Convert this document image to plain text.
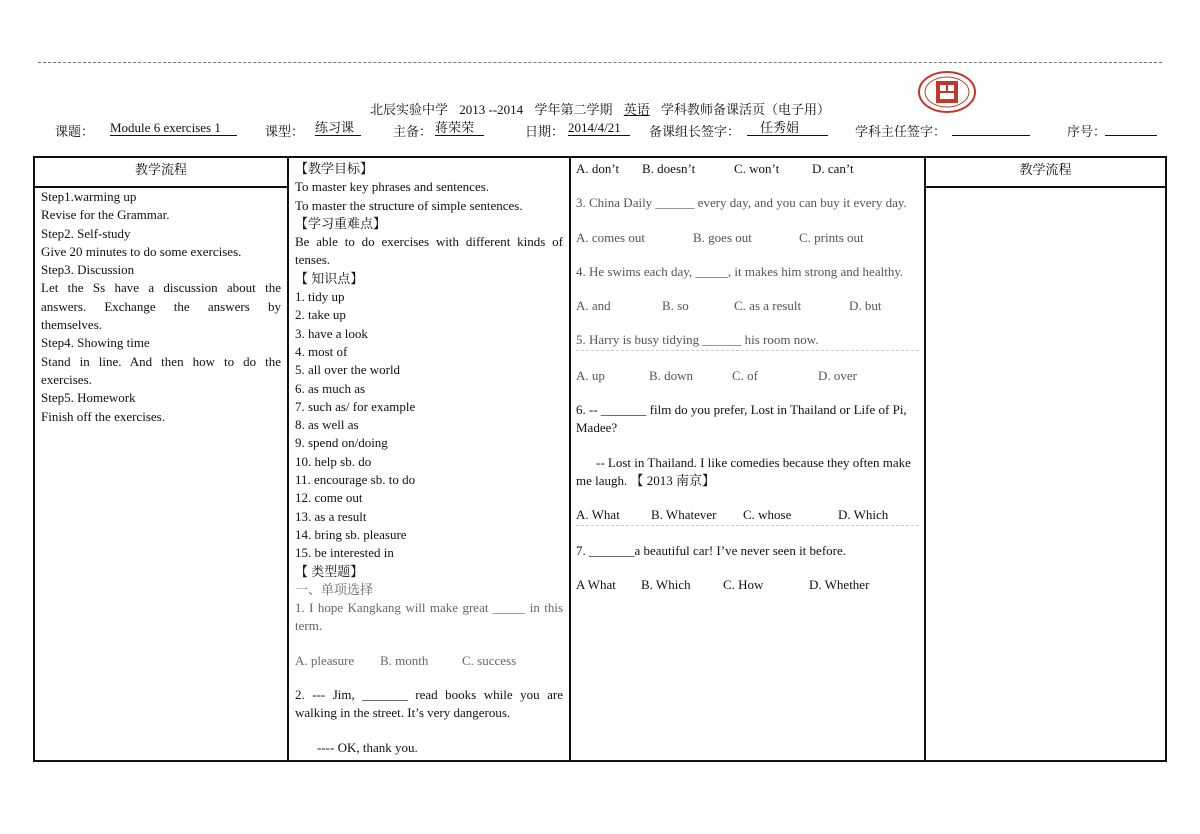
北辰实验中学 2013 --2014 学年第二学期 英语 学科教师备课活页（电子用）
课题： Module 6 exercises 1	课型： 练习课	主备： 蒋荣荣	日期： 2014/4/21	备课组长签字：	任秀娟	学科主任签字：	序号：
教学流程

Step1.warming up

Revise for the Grammar.

Step2. Self-study

Give 20 minutes to do some exercises.

Step3. Discussion

Let the Ss have a discussion about the answers. Exchange the answers by themselves.

Step4. Showing time

Stand in line. And then how to do the exercises.

Step5. Homework

Finish off the exercises.

【教学目标】

To master key phrases and sentences.

To master the structure of simple sentences.

【学习重难点】

Be able to do exercises with different kinds of tenses.

【 知识点】

1. tidy up

2. take up

3. have a look

4. most of

5. all over the world

6. as much as

7. such as/ for example

8. as well as

9. spend on/doing

10. help sb. do

11. encourage sb. to do

12. come out

13. as a result

14. bring sb. pleasure

15. be interested in

【 类型题】

一、单项选择

1. I hope Kangkang will make great _____ in this term.

A. pleasure B. month	C. success

2. --- Jim, _______ read books while you are walking in the street. It’s very dangerous.

---- OK, thank you.

A. don’t B. doesn’t	C. won’t	D. can’t

3. China Daily ______ every day, and you can buy it every day.

A. comes out	B. goes out	C. prints out

4. He swims each day, _____, it makes him strong and healthy.

A. and	B. so	C. as a result	D. but

5. Harry is busy tidying ______ his room now.

A. up	B. down	C. of	D. over

6. -- _______ film do you prefer, Lost in Thailand or Life of Pi, Madee?

-- Lost in Thailand. I like comedies because they often make me laugh. 【 2013 南京】

A. What B. Whatever C. whose	D. Which

7. _______a beautiful car! I’ve never seen it before.

A What B. Which C. How	D. Whether

教学流程
